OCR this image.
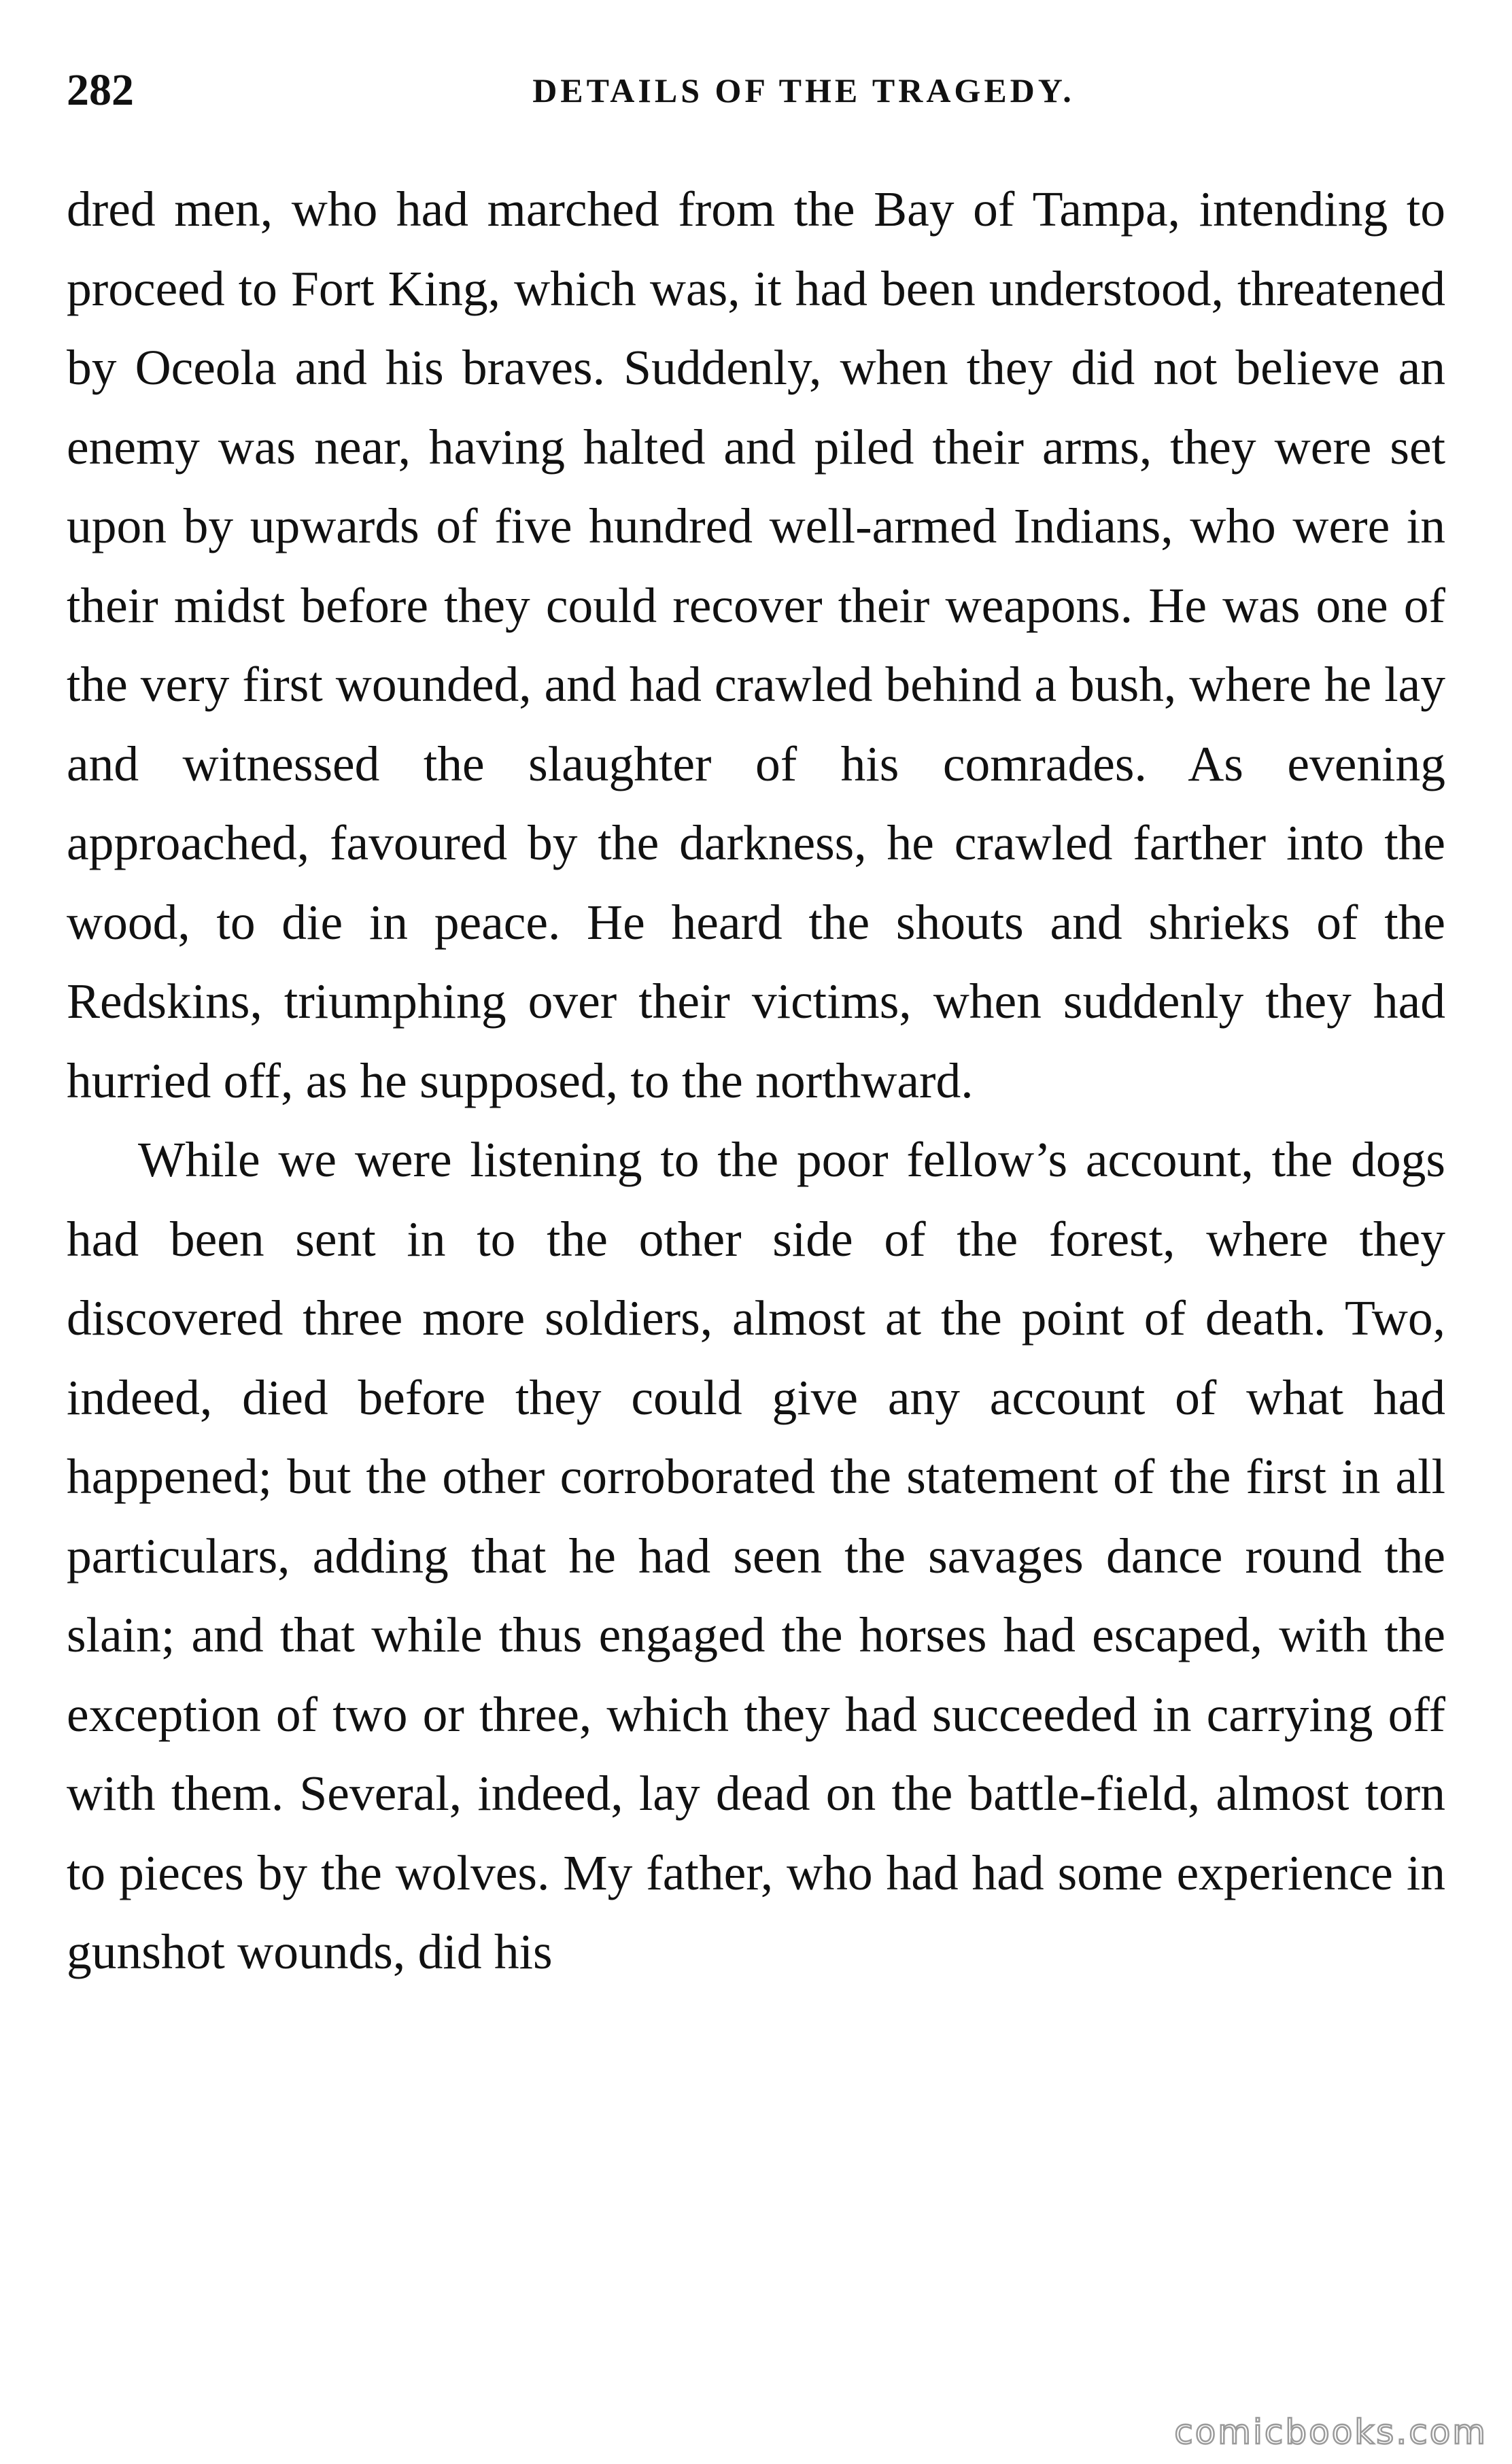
282	DETAILS OF THE TRAGEDY.

dred men, who had marched from the Bay of Tampa, intending to proceed to Fort King, which was, it had been understood, threatened by Oceola and his braves. Suddenly, when they did not believe an enemy was near, having halted and piled their arms, they were set upon by upwards of five hundred well-armed Indians, who were in their midst before they could recover their weapons. He was one of the very first wounded, and had crawled behind a bush, where he lay and witnessed the slaughter of his comrades. As evening approached, favoured by the darkness, he crawled farther into the wood, to die in peace. He heard the shouts and shrieks of the Redskins, triumphing over their victims, when suddenly they had hurried off, as he supposed, to the northward.

While we were listening to the poor fellow’s account, the dogs had been sent in to the other side of the forest, where they discovered three more soldiers, almost at the point of death. Two, indeed, died before they could give any account of what had happened; but the other corroborated the statement of the first in all particulars, adding that he had seen the savages dance round the slain; and that while thus engaged the horses had escaped, with the exception of two or three, which they had succeeded in carrying off with them. Several, indeed, lay dead on the battle-field, almost torn to pieces by the wolves. My father, who had had some experience in gunshot wounds, did his

comicbooks.com
